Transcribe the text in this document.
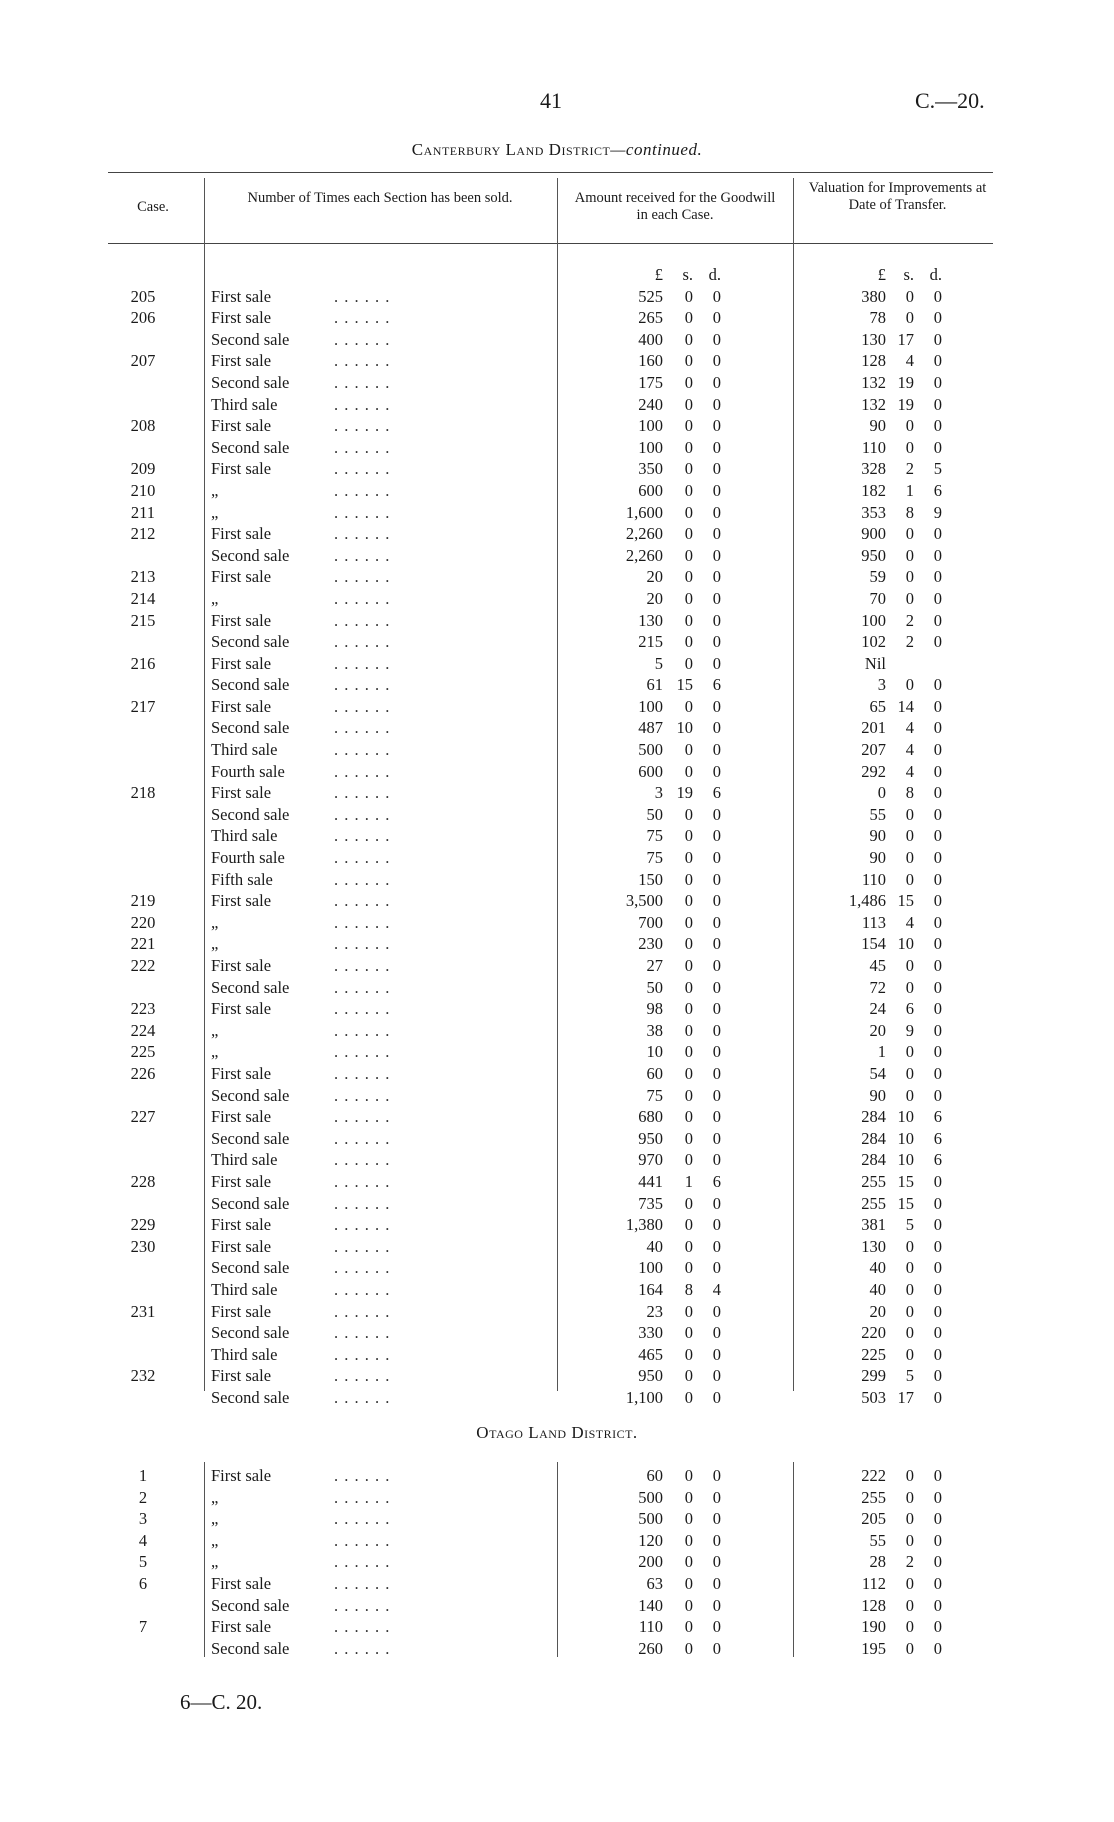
41	C.—20.
Canterbury Land District—continued.
Case.
Number of Times each Section has been sold.	Amount received for the Goodwill in each Case.
Valuation for Improvements at Date of Transfer.
					£	s.	d.		£	s.	d.
205		First sale	. . . . . .		525	0	0		380	0	0
206		First sale	. . . . . .		265	0	0		78	0	0
		Second sale	. . . . . .		400	0	0		130	17	0
207		First sale	. . . . . .		160	0	0		128	4	0
		Second sale	. . . . . .		175	0	0		132	19	0
		Third sale	. . . . . .		240	0	0		132	19	0
208		First sale	. . . . . .		100	0	0		90	0	0
		Second sale	. . . . . .		100	0	0		110	0	0
209		First sale	. . . . . .		350	0	0		328	2	5
210		„	. . . . . .		600	0	0		182	1	6
211		„	. . . . . .		1,600	0	0		353	8	9
212		First sale	. . . . . .		2,260	0	0		900	0	0
		Second sale	. . . . . .		2,260	0	0		950	0	0
213		First sale	. . . . . .		20	0	0		59	0	0
214		„	. . . . . .		20	0	0		70	0	0
215		First sale	. . . . . .		130	0	0		100	2	0
		Second sale	. . . . . .		215	0	0		102	2	0
216		First sale	. . . . . .		5	0	0		Nil		
		Second sale	. . . . . .		61	15	6		3	0	0
217		First sale	. . . . . .		100	0	0		65	14	0
		Second sale	. . . . . .		487	10	0		201	4	0
		Third sale	. . . . . .		500	0	0		207	4	0
		Fourth sale	. . . . . .		600	0	0		292	4	0
218		First sale	. . . . . .		3	19	6		0	8	0
		Second sale	. . . . . .		50	0	0		55	0	0
		Third sale	. . . . . .		75	0	0		90	0	0
		Fourth sale	. . . . . .		75	0	0		90	0	0
		Fifth sale	. . . . . .		150	0	0		110	0	0
219		First sale	. . . . . .		3,500	0	0		1,486	15	0
220		„	. . . . . .		700	0	0		113	4	0
221		„	. . . . . .		230	0	0		154	10	0
222		First sale	. . . . . .		27	0	0		45	0	0
		Second sale	. . . . . .		50	0	0		72	0	0
223		First sale	. . . . . .		98	0	0		24	6	0
224		„	. . . . . .		38	0	0		20	9	0
225		„	. . . . . .		10	0	0		1	0	0
226		First sale	. . . . . .		60	0	0		54	0	0
		Second sale	. . . . . .		75	0	0		90	0	0
227		First sale	. . . . . .		680	0	0		284	10	6
		Second sale	. . . . . .		950	0	0		284	10	6
		Third sale	. . . . . .		970	0	0		284	10	6
228		First sale	. . . . . .		441	1	6		255	15	0
		Second sale	. . . . . .		735	0	0		255	15	0
229		First sale	. . . . . .		1,380	0	0		381	5	0
230		First sale	. . . . . .		40	0	0		130	0	0
		Second sale	. . . . . .		100	0	0		40	0	0
		Third sale	. . . . . .		164	8	4		40	0	0
231		First sale	. . . . . .		23	0	0		20	0	0
		Second sale	. . . . . .		330	0	0		220	0	0
		Third sale	. . . . . .		465	0	0		225	0	0
232		First sale	. . . . . .		950	0	0		299	5	0
		Second sale	. . . . . .		1,100	0	0		503	17	0
Otago Land District.
1		First sale	. . . . . .		60	0	0		222	0	0
2		„	. . . . . .		500	0	0		255	0	0
3		„	. . . . . .		500	0	0		205	0	0
4		„	. . . . . .		120	0	0		55	0	0
5		„	. . . . . .		200	0	0		28	2	0
6		First sale	. . . . . .		63	0	0		112	0	0
		Second sale	. . . . . .		140	0	0		128	0	0
7		First sale	. . . . . .		110	0	0		190	0	0
		Second sale	. . . . . .		260	0	0		195	0	0
6—C. 20.
